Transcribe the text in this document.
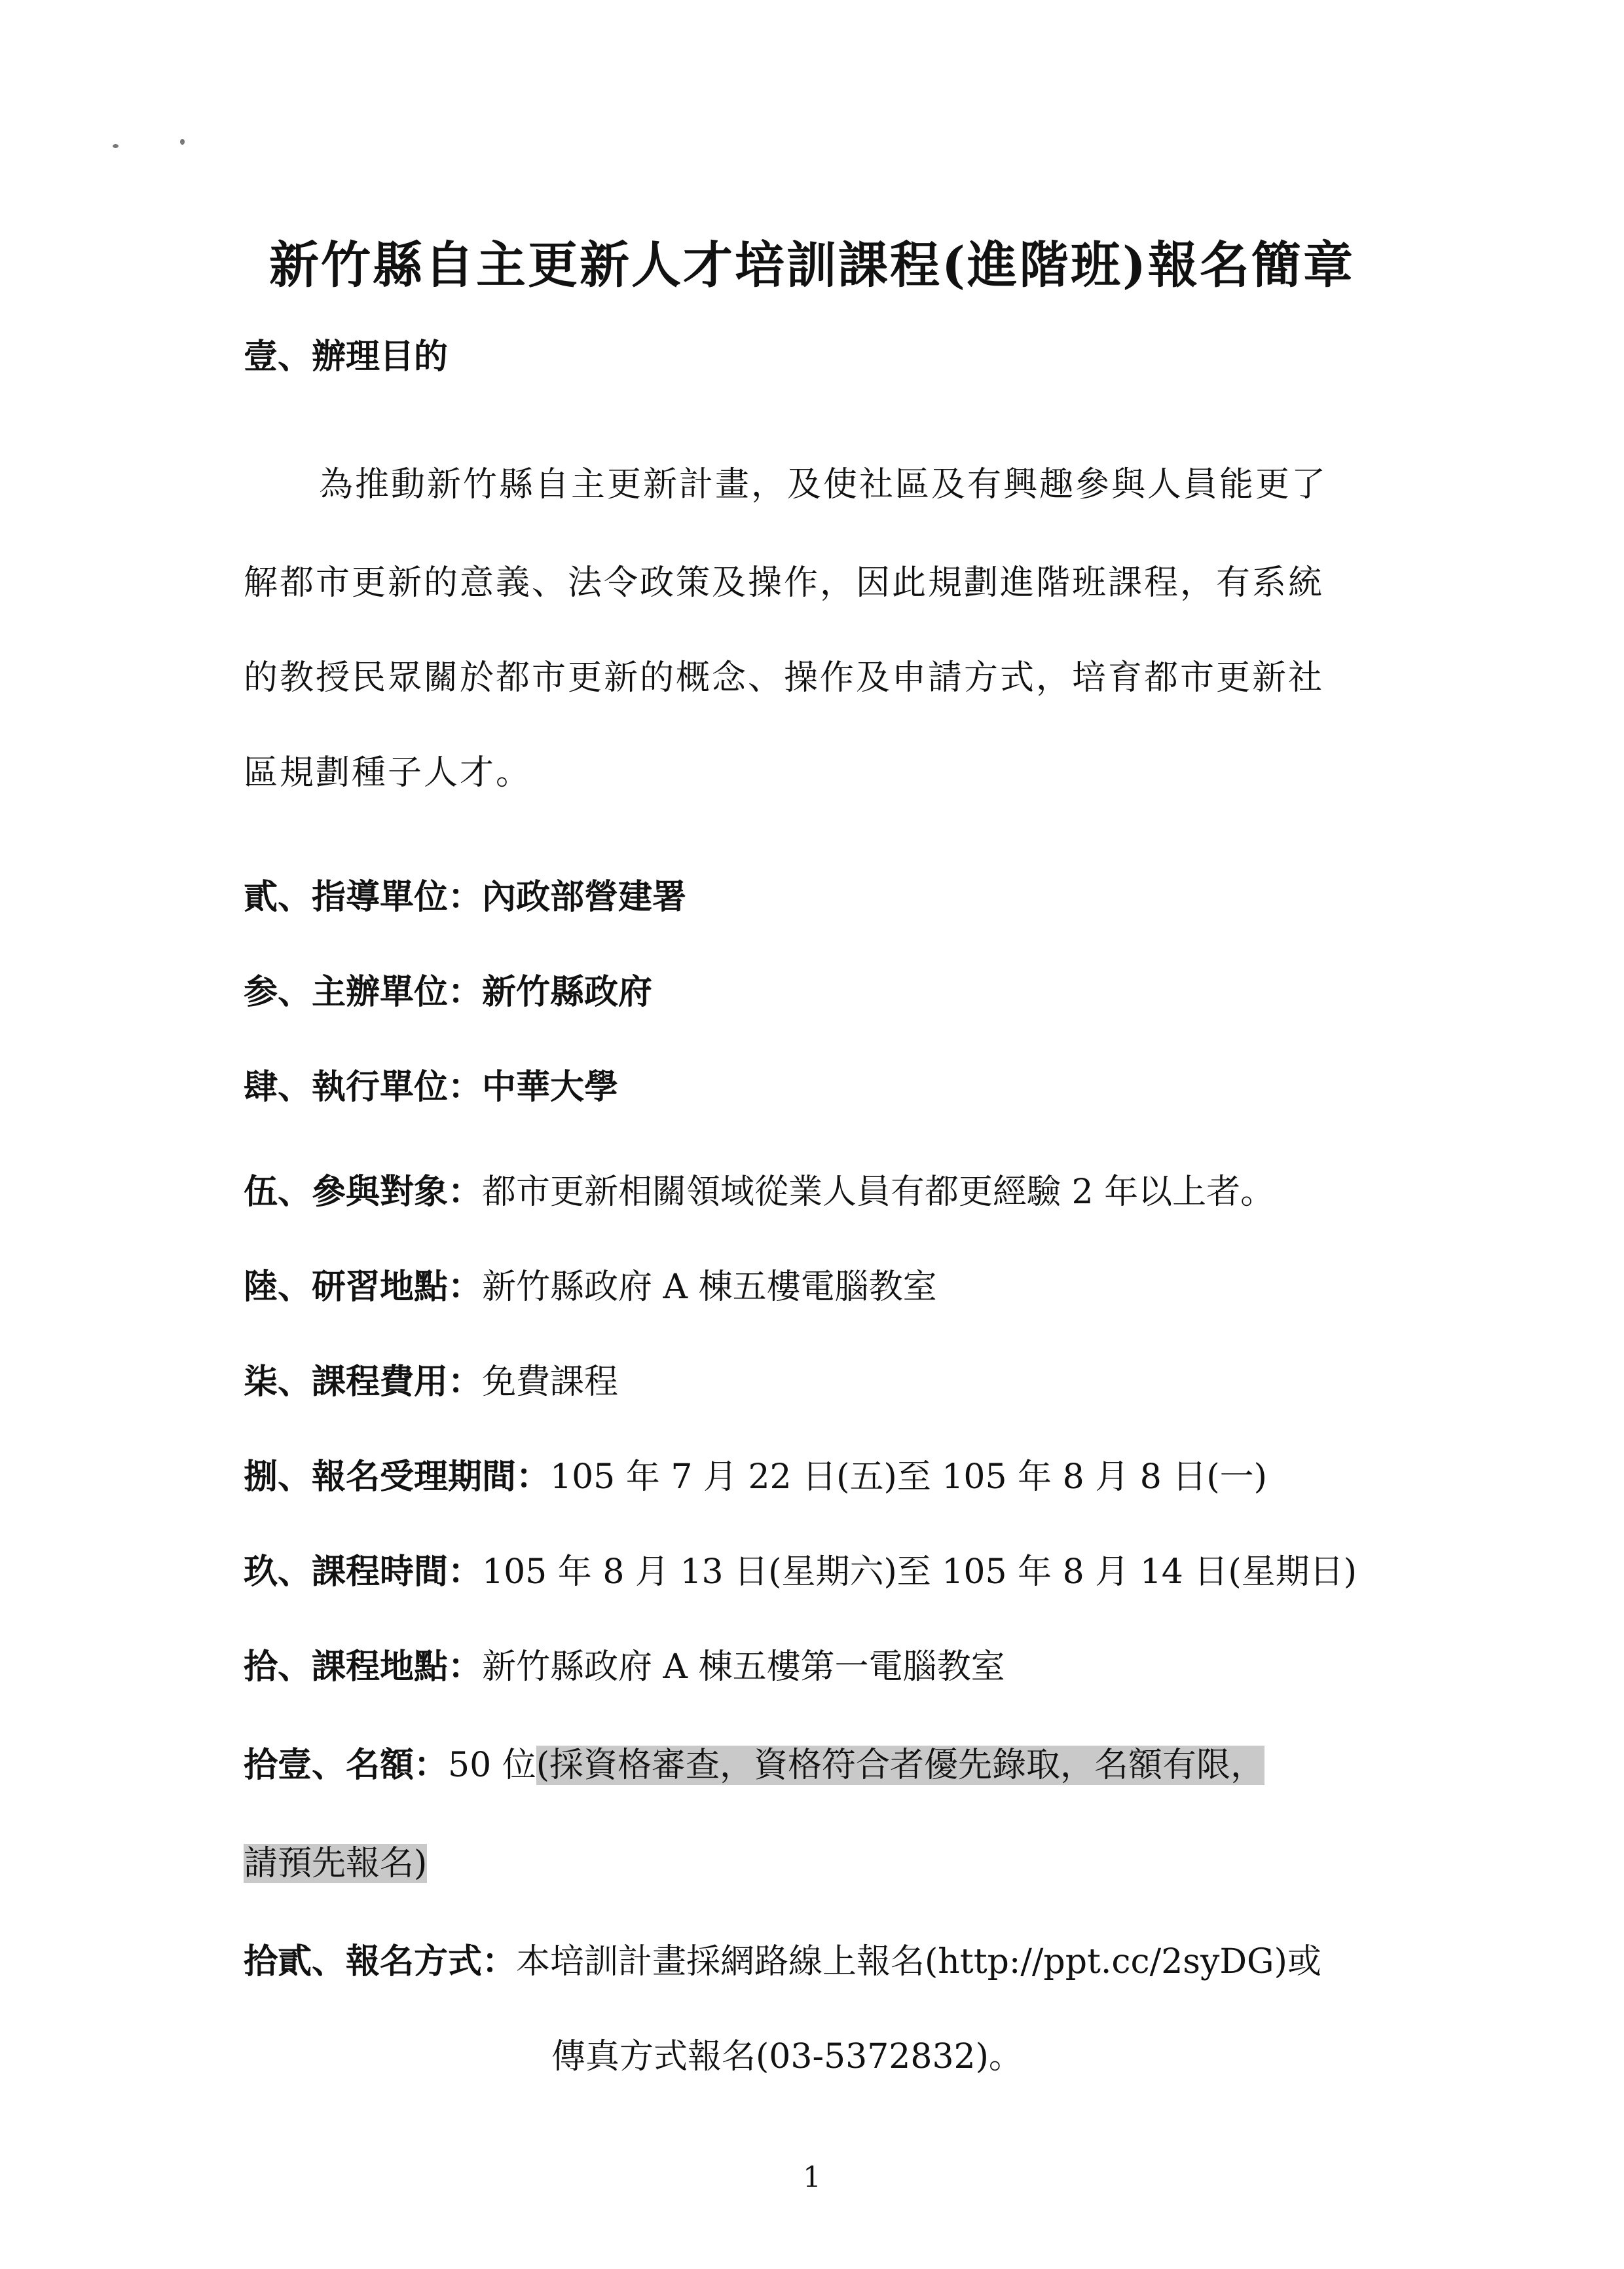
新竹縣自主更新人才培訓課程(進階班)報名簡章
壹、辦理目的
為推動新竹縣自主更新計畫，及使社區及有興趣參與人員能更了
解都市更新的意義、法令政策及操作，因此規劃進階班課程，有系統
的教授民眾關於都市更新的概念、操作及申請方式，培育都市更新社
區規劃種子人才。
貳、指導單位：內政部營建署
参、主辦單位：新竹縣政府
肆、執行單位：中華大學
伍、參與對象：都市更新相關領域從業人員有都更經驗 2 年以上者。
陸、研習地點：新竹縣政府 A 棟五樓電腦教室
柒、課程費用：免費課程
捌、報名受理期間：105 年 7 月 22 日(五)至 105 年 8 月 8 日(一)
玖、課程時間：105 年 8 月 13 日(星期六)至 105 年 8 月 14 日(星期日)
拾、課程地點：新竹縣政府 A 棟五樓第一電腦教室
拾壹、名額：50 位(採資格審查，資格符合者優先錄取，名額有限，
請預先報名)
拾貳、報名方式：本培訓計畫採網路線上報名(http://ppt.cc/2syDG)或
傳真方式報名(03-5372832)。
1
